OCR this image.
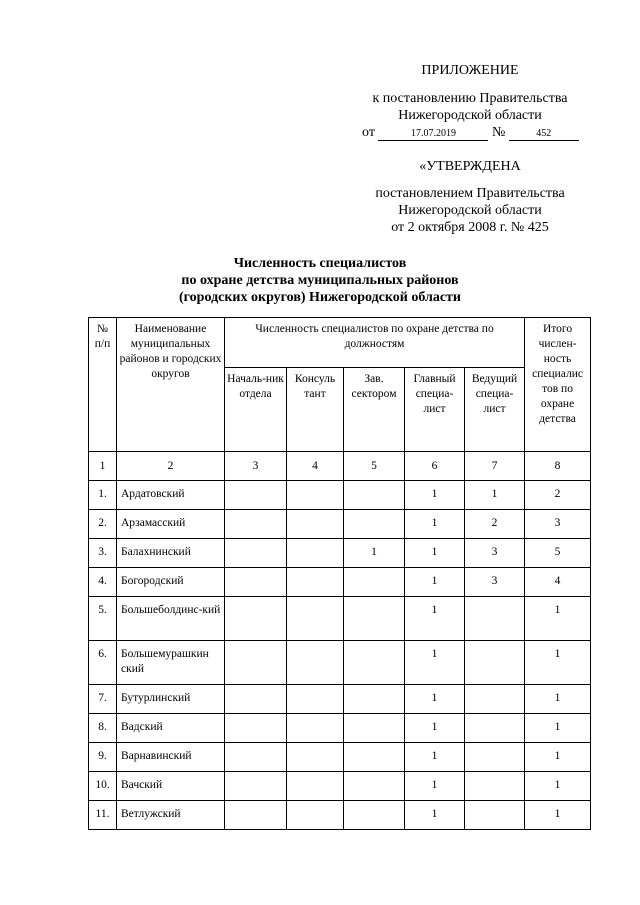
ПРИЛОЖЕНИЕ
к постановлению Правительства
Нижегородской области
от	17.07.2019	№	452
«УТВЕРЖДЕНА
постановлением Правительства
Нижегородской области
от 2 октября 2008 г. № 425
Численность специалистов
по охране детства муниципальных районов
(городских округов) Нижегородской области
№ п/п	Наименование муниципальных районов и городских округов	Численность специалистов по охране детства по должностям					Итого числен-ность специалис тов по охране детства
		Началь-ник отдела	Консуль тант	Зав. сектором	Главный специа-лист	Ведущий специа-лист	
1	2	3	4	5	6	7	8
1.	Ардатовский				1	1	2
2.	Арзамасский				1	2	3
3.	Балахнинский			1	1	3	5
4.	Богородский				1	3	4
5.	Большеболдинс-кий				1		1
6.	Большемурашкин ский				1		1
7.	Бутурлинский				1		1
8.	Вадский				1		1
9.	Варнавинский				1		1
10.	Вачский				1		1
11.	Ветлужский				1		1
